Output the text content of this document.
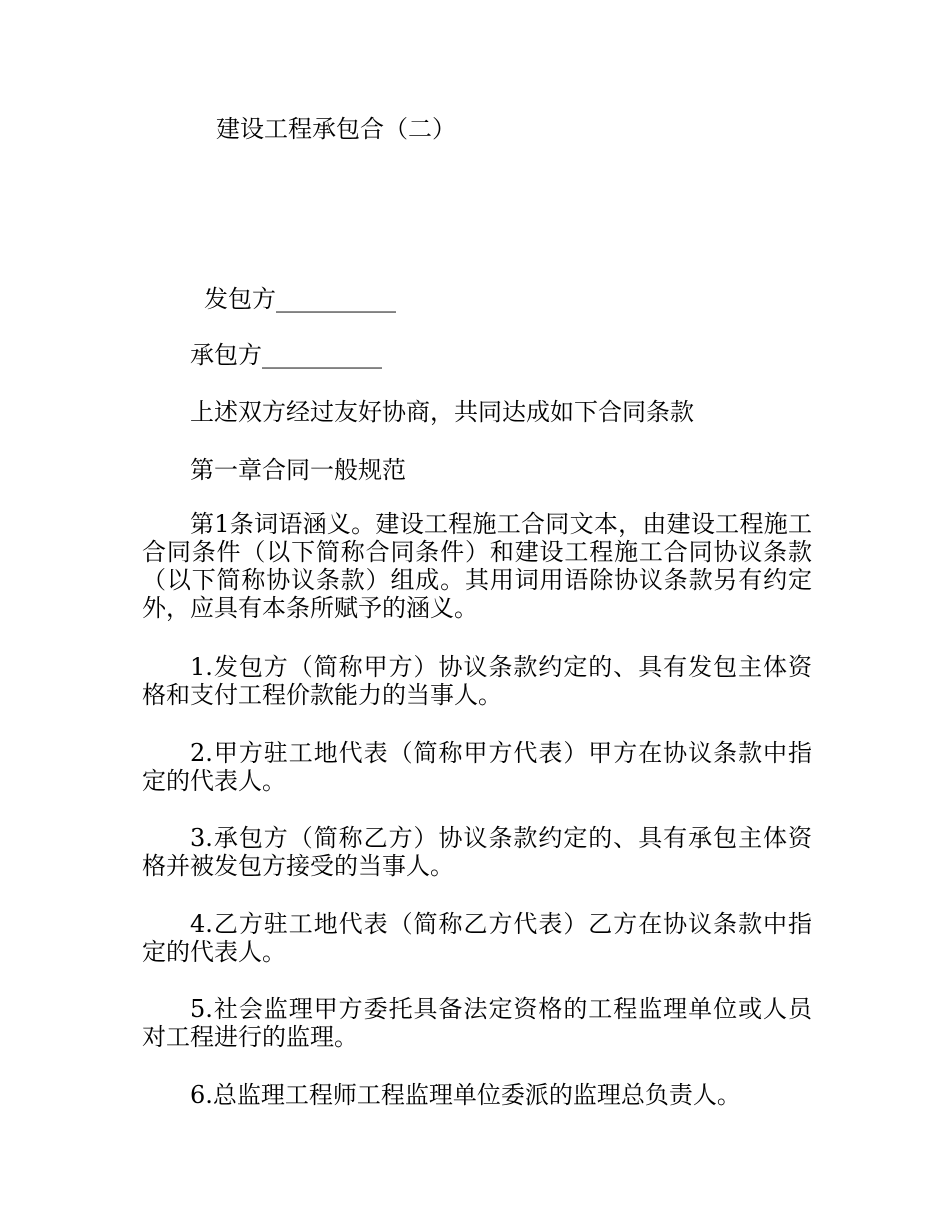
建设工程承包合（二）
发包方__________
承包方__________
上述双方经过友好协商，共同达成如下合同条款
第一章合同一般规范

第1条词语涵义。建设工程施工合同文本，由建设工程施工合同条件（以下简称合同条件）和建设工程施工合同协议条款（以下简称协议条款）组成。其用词用语除协议条款另有约定外，应具有本条所赋予的涵义。

1.发包方（简称甲方）协议条款约定的、具有发包主体资格和支付工程价款能力的当事人。

2.甲方驻工地代表（简称甲方代表）甲方在协议条款中指定的代表人。

3.承包方（简称乙方）协议条款约定的、具有承包主体资格并被发包方接受的当事人。

4.乙方驻工地代表（简称乙方代表）乙方在协议条款中指定的代表人。

5.社会监理甲方委托具备法定资格的工程监理单位或人员对工程进行的监理。

6.总监理工程师工程监理单位委派的监理总负责人。
